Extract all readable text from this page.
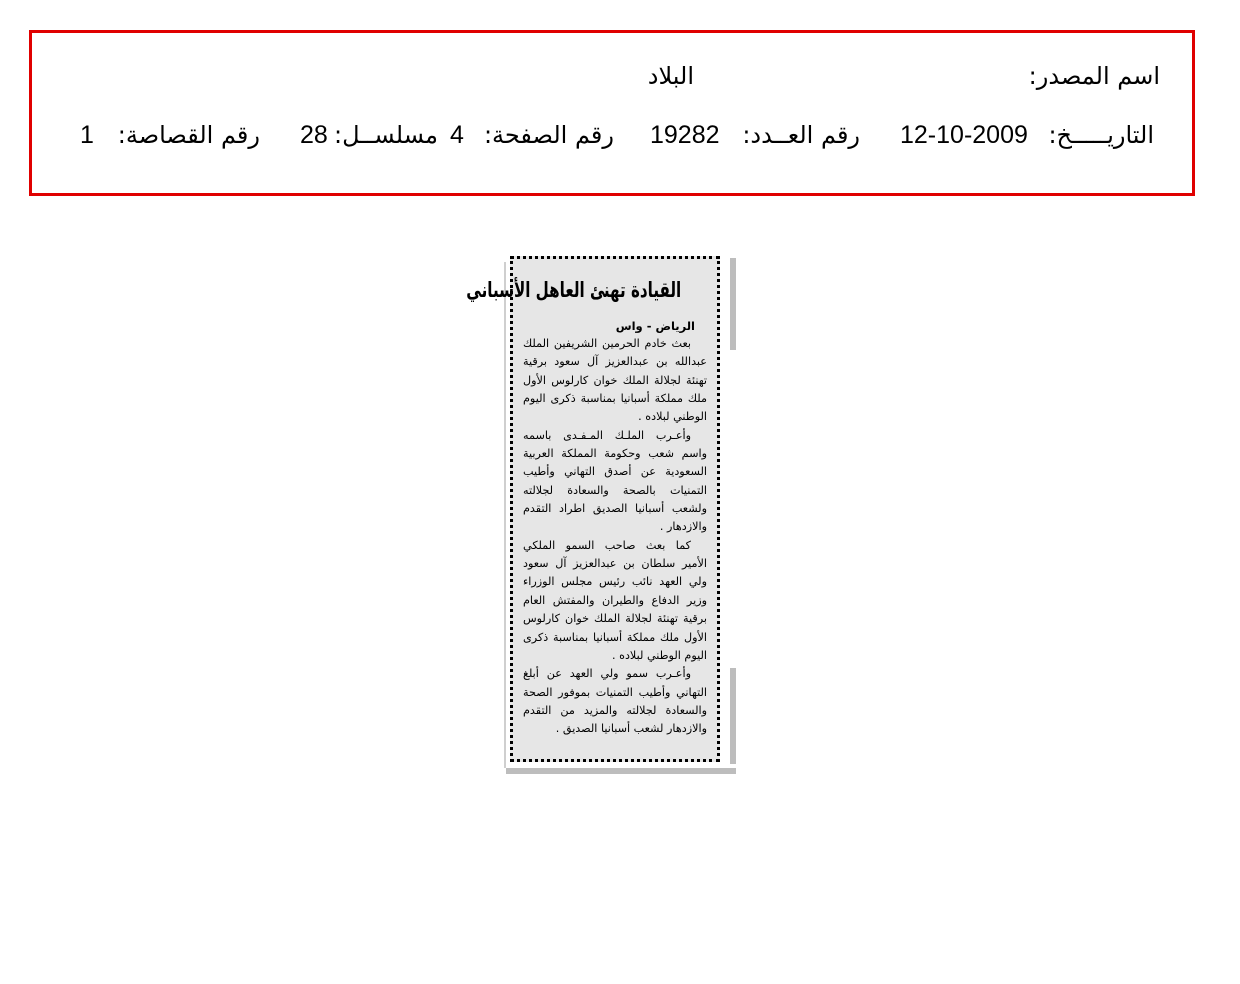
اسم المصدر:
البلاد
التاريـــــخ:
12-10-2009
رقم العــدد:
19282
رقم الصفحة:
4
مسلســل:
28
رقم القصاصة:
1
القيادة تهنئ العاهل الأسباني
الرياض - واس

بعث خادم الحرمين الشريفين الملك عبدالله بن عبدالعزيز آل سعود برقية تهنئة لجلالة الملك خوان كارلوس الأول ملك مملكة أسبانيا بمناسبة ذكرى اليوم الوطني لبلاده .

وأعـرب الملـك المـفـدى باسمه واسم شعب وحكومة المملكة العربية السعودية عن أصدق التهاني وأطيب التمنيات بالصحة والسعادة لجلالته ولشعب أسبانيا الصديق اطراد التقدم والازدهار .

كما بعث صاحب السمو الملكي الأمير سلطان بن عبدالعزيز آل سعود ولي العهد نائب رئيس مجلس الوزراء وزير الدفاع والطيران والمفتش العام برقية تهنئة لجلالة الملك خوان كارلوس الأول ملك مملكة أسبانيا بمناسبة ذكرى اليوم الوطني لبلاده .

وأعـرب سمو ولي العهد عن أبلغ التهاني وأطيب التمنيات بموفور الصحة والسعادة لجلالته والمزيد من التقدم والازدهار لشعب أسبانيا الصديق .
